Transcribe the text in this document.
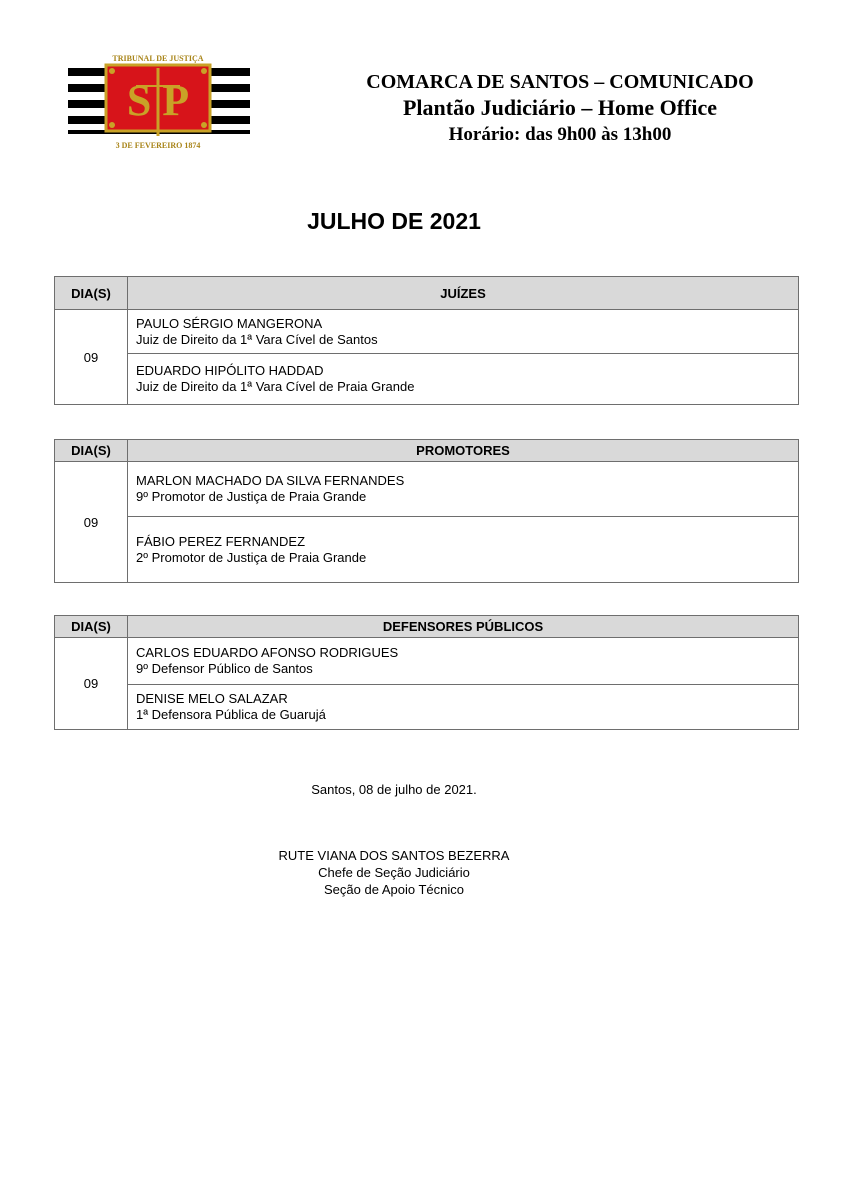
S P
TRIBUNAL DE JUSTIÇA
3 DE FEVEREIRO 1874
COMARCA DE SANTOS – COMUNICADO
Plantão Judiciário – Home Office
Horário: das 9h00 às 13h00
JULHO DE 2021
DIA(S)	JUÍZES
09	PAULO SÉRGIO MANGERONA
Juiz de Direito da 1ª Vara Cível de Santos

	EDUARDO HIPÓLITO HADDAD
Juiz de Direito da 1ª Vara Cível de Praia Grande
DIA(S)	PROMOTORES
09	MARLON MACHADO DA SILVA FERNANDES
9º Promotor de Justiça de Praia Grande

	FÁBIO PEREZ FERNANDEZ
2º Promotor de Justiça de Praia Grande
DIA(S)	DEFENSORES PÚBLICOS
09	CARLOS EDUARDO AFONSO RODRIGUES
9º Defensor Público de Santos

	DENISE MELO SALAZAR
1ª Defensora Pública de Guarujá
Santos, 08 de julho de 2021.
RUTE VIANA DOS SANTOS BEZERRA
Chefe de Seção Judiciário
Seção de Apoio Técnico
